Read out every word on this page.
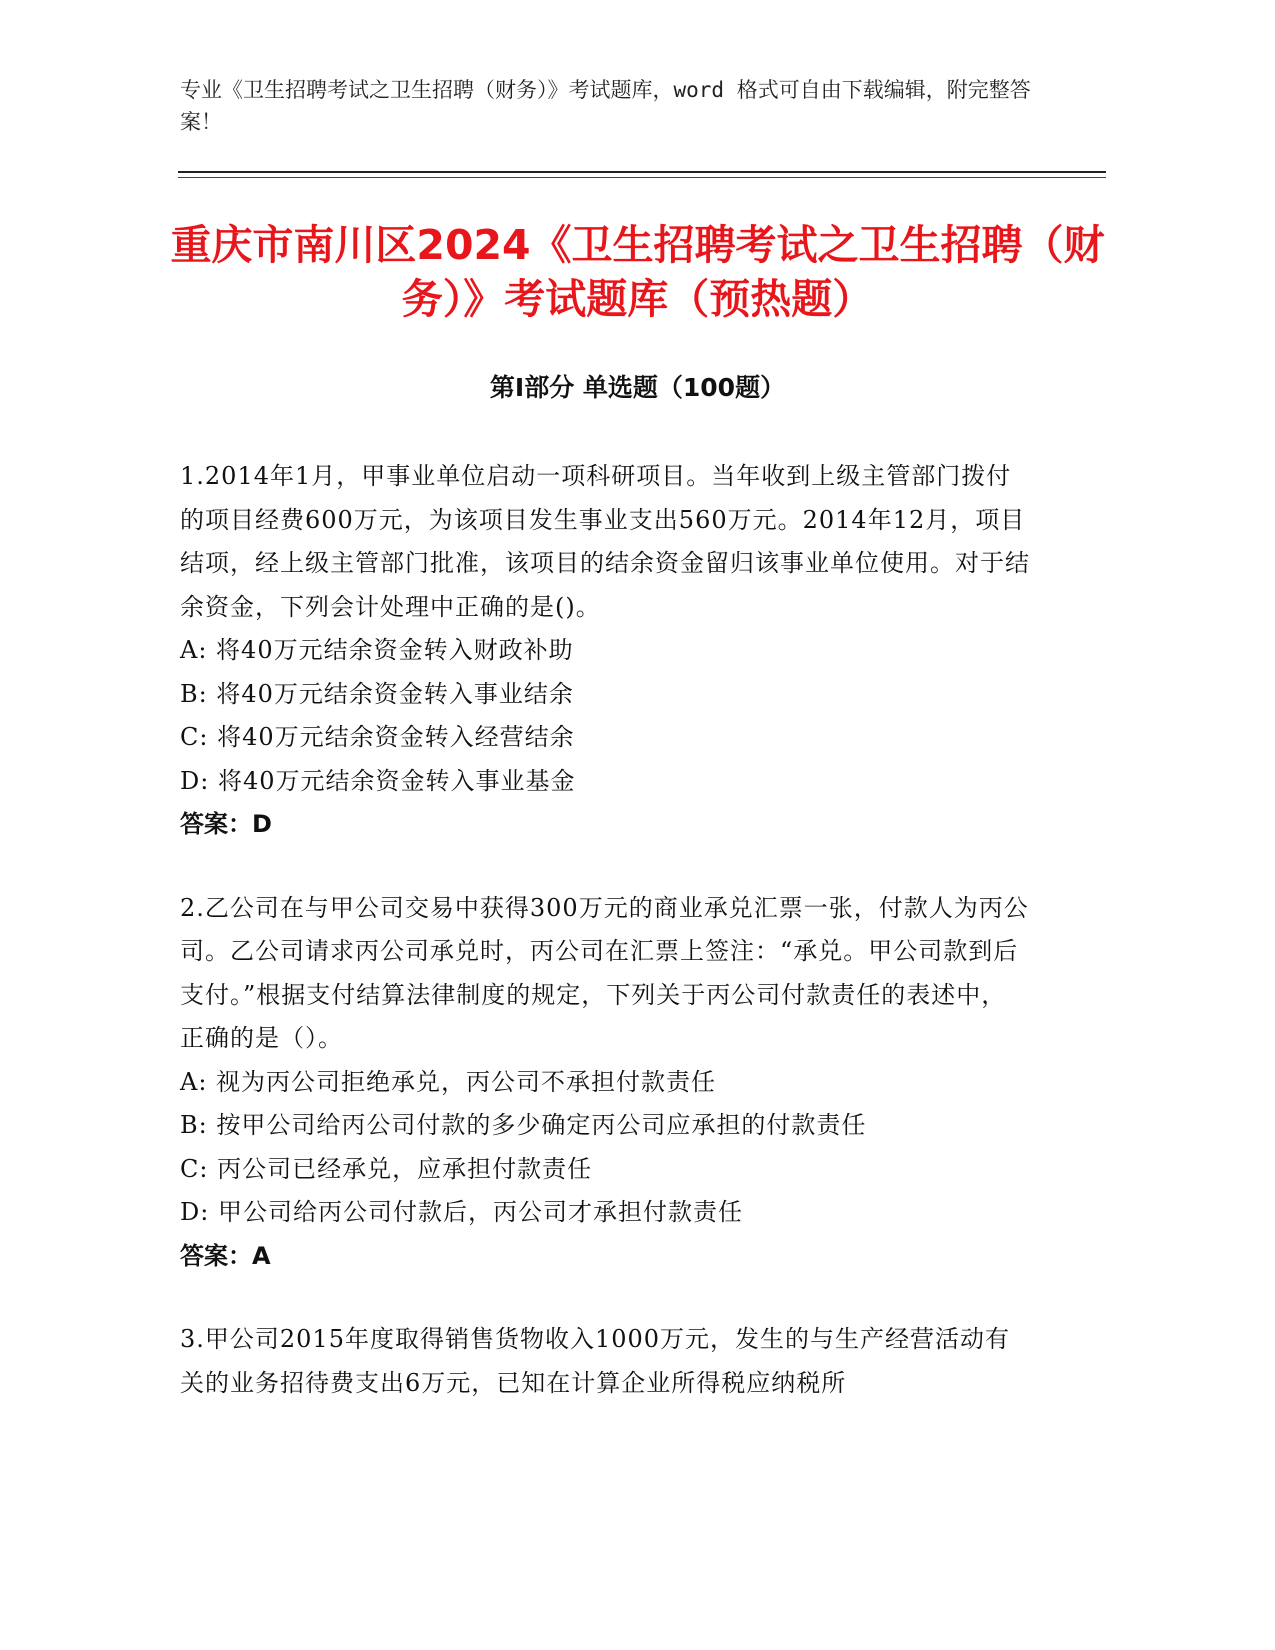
专业《卫生招聘考试之卫生招聘（财务）》考试题库，word 格式可自由下载编辑，附完整答案！

重庆市南川区2024《卫生招聘考试之卫生招聘（财务）》考试题库（预热题）
第Ⅰ部分 单选题（100题）

1.2014年1月，甲事业单位启动一项科研项目。当年收到上级主管部门拨付的项目经费600万元，为该项目发生事业支出560万元。2014年12月，项目结项，经上级主管部门批准，该项目的结余资金留归该事业单位使用。对于结余资金，下列会计处理中正确的是()。

A: 将40万元结余资金转入财政补助

B: 将40万元结余资金转入事业结余

C: 将40万元结余资金转入经营结余

D: 将40万元结余资金转入事业基金

答案：D

2.乙公司在与甲公司交易中获得300万元的商业承兑汇票一张，付款人为丙公司。乙公司请求丙公司承兑时，丙公司在汇票上签注：“承兑。甲公司款到后支付。”根据支付结算法律制度的规定，下列关于丙公司付款责任的表述中，正确的是（）。

A: 视为丙公司拒绝承兑，丙公司不承担付款责任

B: 按甲公司给丙公司付款的多少确定丙公司应承担的付款责任

C: 丙公司已经承兑，应承担付款责任

D: 甲公司给丙公司付款后，丙公司才承担付款责任

答案：A

3.甲公司2015年度取得销售货物收入1000万元，发生的与生产经营活动有关的业务招待费支出6万元，已知在计算企业所得税应纳税所
